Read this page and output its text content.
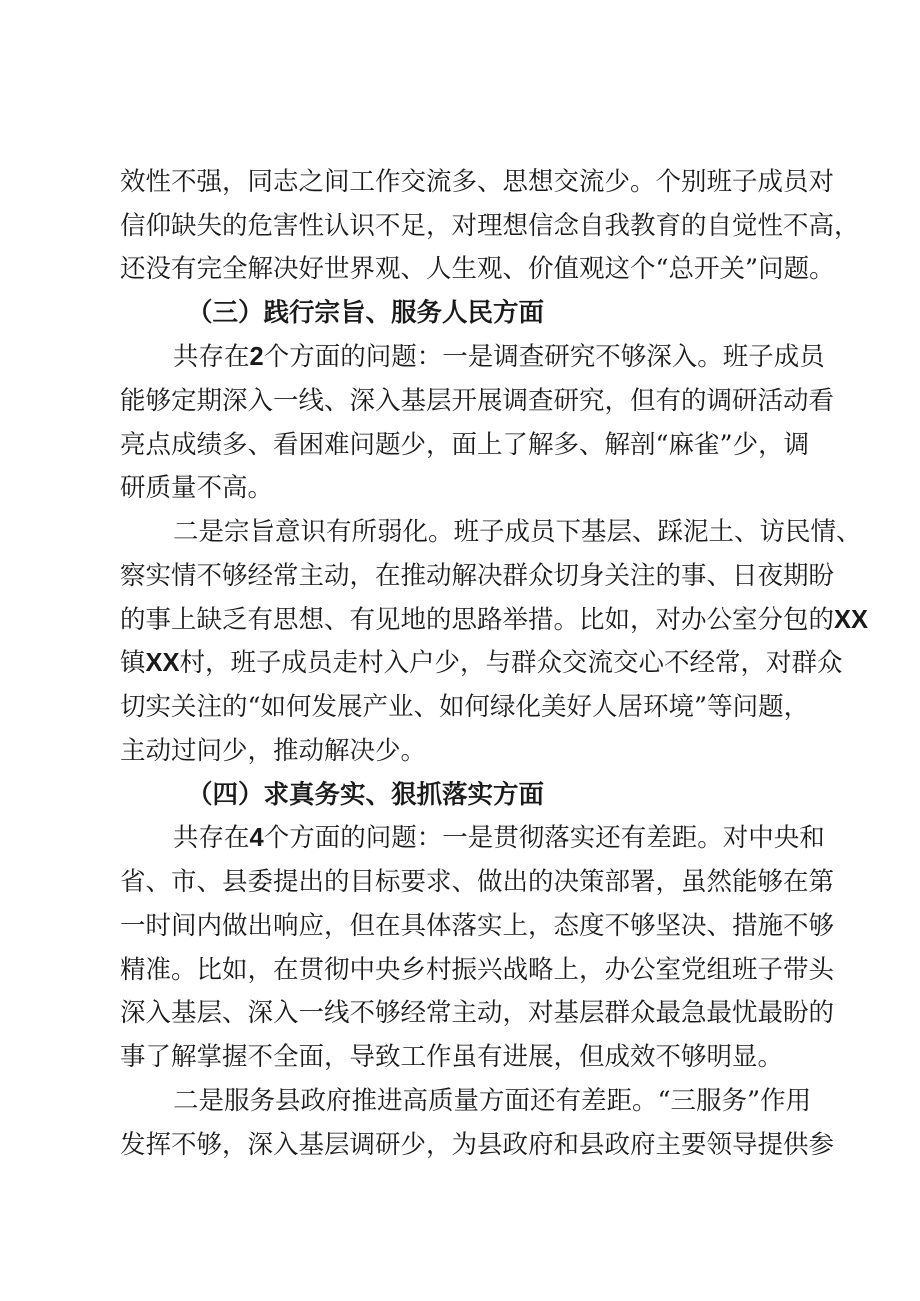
效性不强，同志之间工作交流多、思想交流少。个别班子成员对
信仰缺失的危害性认识不足，对理想信念自我教育的自觉性不高，
还没有完全解决好世界观、人生观、价值观这个“总开关”问题。
（三）践行宗旨、服务人民方面
共存在2个方面的问题：一是调查研究不够深入。班子成员
能够定期深入一线、深入基层开展调查研究，但有的调研活动看
亮点成绩多、看困难问题少，面上了解多、解剖“麻雀”少，调
研质量不高。
二是宗旨意识有所弱化。班子成员下基层、踩泥土、访民情、
察实情不够经常主动，在推动解决群众切身关注的事、日夜期盼
的事上缺乏有思想、有见地的思路举措。比如，对办公室分包的XX
镇XX村，班子成员走村入户少，与群众交流交心不经常，对群众
切实关注的“如何发展产业、如何绿化美好人居环境”等问题，
主动过问少，推动解决少。
（四）求真务实、狠抓落实方面
共存在4个方面的问题：一是贯彻落实还有差距。对中央和
省、市、县委提出的目标要求、做出的决策部署，虽然能够在第
一时间内做出响应，但在具体落实上，态度不够坚决、措施不够
精准。比如，在贯彻中央乡村振兴战略上，办公室党组班子带头
深入基层、深入一线不够经常主动，对基层群众最急最忧最盼的
事了解掌握不全面，导致工作虽有进展，但成效不够明显。
二是服务县政府推进高质量方面还有差距。“三服务”作用
发挥不够，深入基层调研少，为县政府和县政府主要领导提供参
